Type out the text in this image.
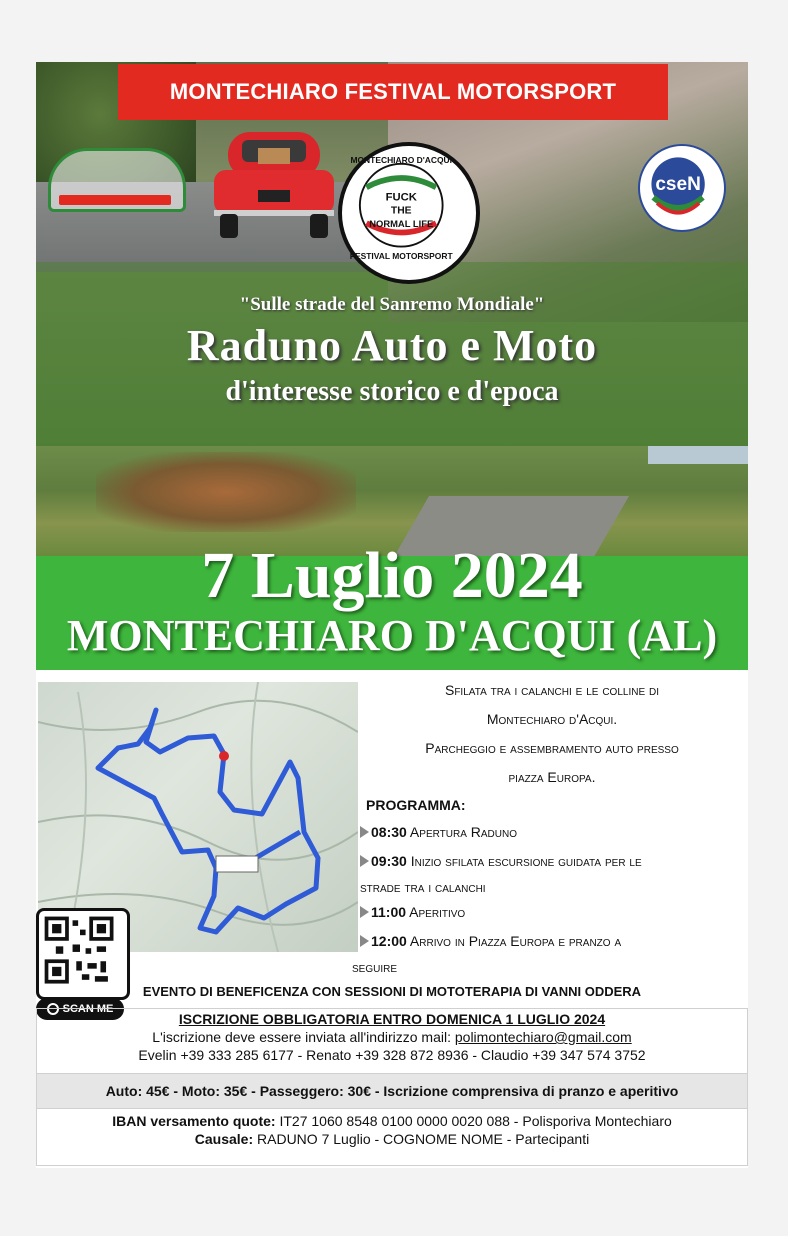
FUCK
THE
NORMAL LIFE
MONTECHIARO D'ACQUI
FESTIVAL MOTORSPORT
cseN
MONTECHIARO FESTIVAL MOTORSPORT
"Sulle strade del Sanremo Mondiale"
Raduno Auto e Moto
d'interesse storico e d'epoca
7 Luglio 2024
MONTECHIARO D'ACQUI (AL)
SCAN ME
Sfilata tra i calanchi e le colline di
Montechiaro d'Acqui.
Parcheggio e assembramento auto presso
piazza Europa.
PROGRAMMA:
08:30 Apertura Raduno
09:30 Inizio sfilata escursione guidata per le
strade tra i calanchi
11:00 Aperitivo
12:00 Arrivo in Piazza Europa e pranzo a
seguire
EVENTO DI BENEFICENZA CON SESSIONI DI MOTOTERAPIA DI VANNI ODDERA
ISCRIZIONE OBBLIGATORIA ENTRO DOMENICA 1 LUGLIO 2024
L'iscrizione deve essere inviata all'indirizzo mail: polimontechiaro@gmail.com
Evelin +39 333 285 6177 - Renato +39 328 872 8936 - Claudio +39 347 574 3752
Auto: 45€ - Moto: 35€ - Passeggero: 30€ - Iscrizione comprensiva di pranzo e aperitivo
IBAN versamento quote: IT27 1060 8548 0100 0000 0020 088 - Polisporiva Montechiaro
Causale: RADUNO 7 Luglio - COGNOME NOME - Partecipanti
